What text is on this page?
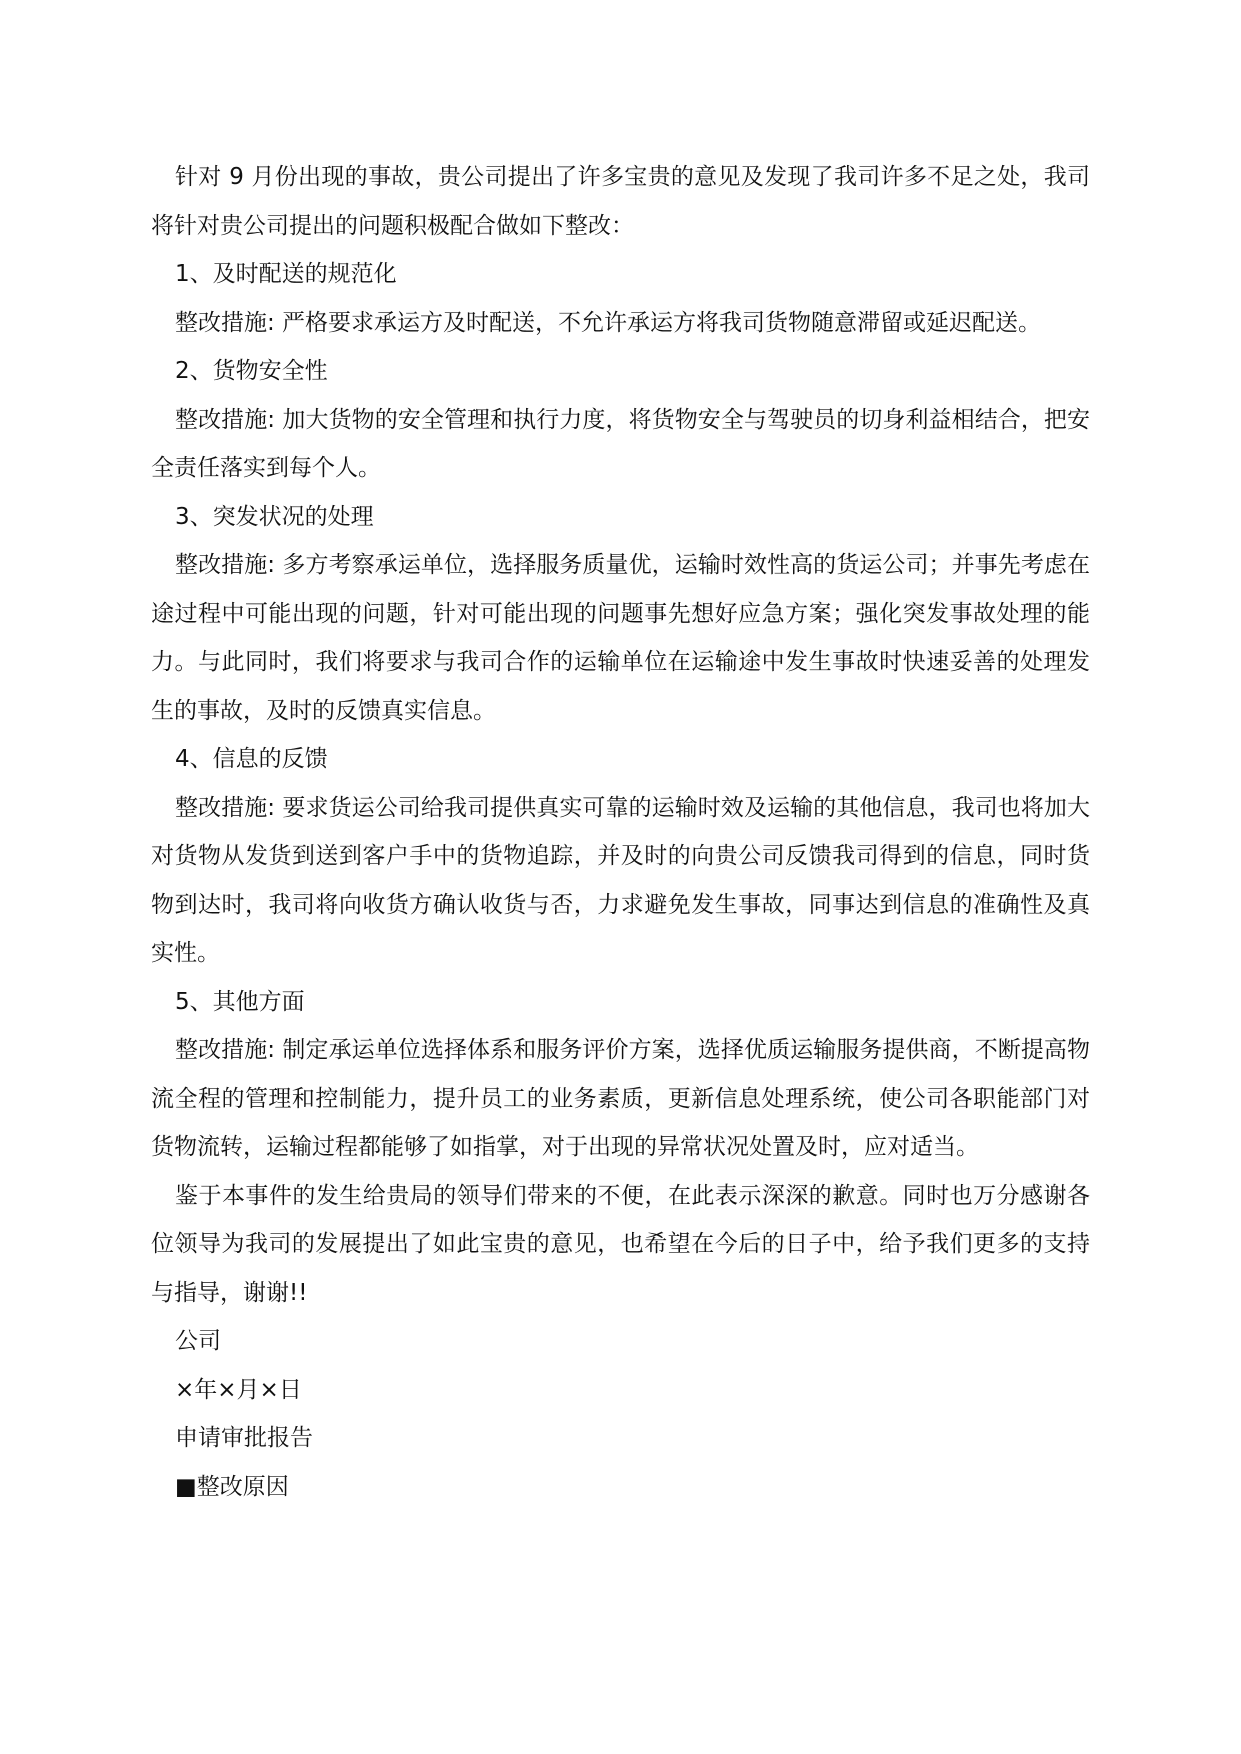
针对 9 月份出现的事故，贵公司提出了许多宝贵的意见及发现了我司许多不足之处，我司将针对贵公司提出的问题积极配合做如下整改：

1、及时配送的规范化

整改措施: 严格要求承运方及时配送，不允许承运方将我司货物随意滞留或延迟配送。

2、货物安全性

整改措施: 加大货物的安全管理和执行力度，将货物安全与驾驶员的切身利益相结合，把安全责任落实到每个人。

3、突发状况的处理

整改措施: 多方考察承运单位，选择服务质量优，运输时效性高的货运公司；并事先考虑在途过程中可能出现的问题，针对可能出现的问题事先想好应急方案；强化突发事故处理的能力。与此同时，我们将要求与我司合作的运输单位在运输途中发生事故时快速妥善的处理发生的事故，及时的反馈真实信息。

4、信息的反馈

整改措施: 要求货运公司给我司提供真实可靠的运输时效及运输的其他信息，我司也将加大对货物从发货到送到客户手中的货物追踪，并及时的向贵公司反馈我司得到的信息，同时货物到达时，我司将向收货方确认收货与否，力求避免发生事故，同事达到信息的准确性及真实性。

5、其他方面

整改措施: 制定承运单位选择体系和服务评价方案，选择优质运输服务提供商，不断提高物流全程的管理和控制能力，提升员工的业务素质，更新信息处理系统，使公司各职能部门对货物流转，运输过程都能够了如指掌，对于出现的异常状况处置及时，应对适当。

鉴于本事件的发生给贵局的领导们带来的不便，在此表示深深的歉意。同时也万分感谢各位领导为我司的发展提出了如此宝贵的意见，也希望在今后的日子中，给予我们更多的支持与指导，谢谢!!

公司

×年×月×日

申请审批报告

■整改原因
